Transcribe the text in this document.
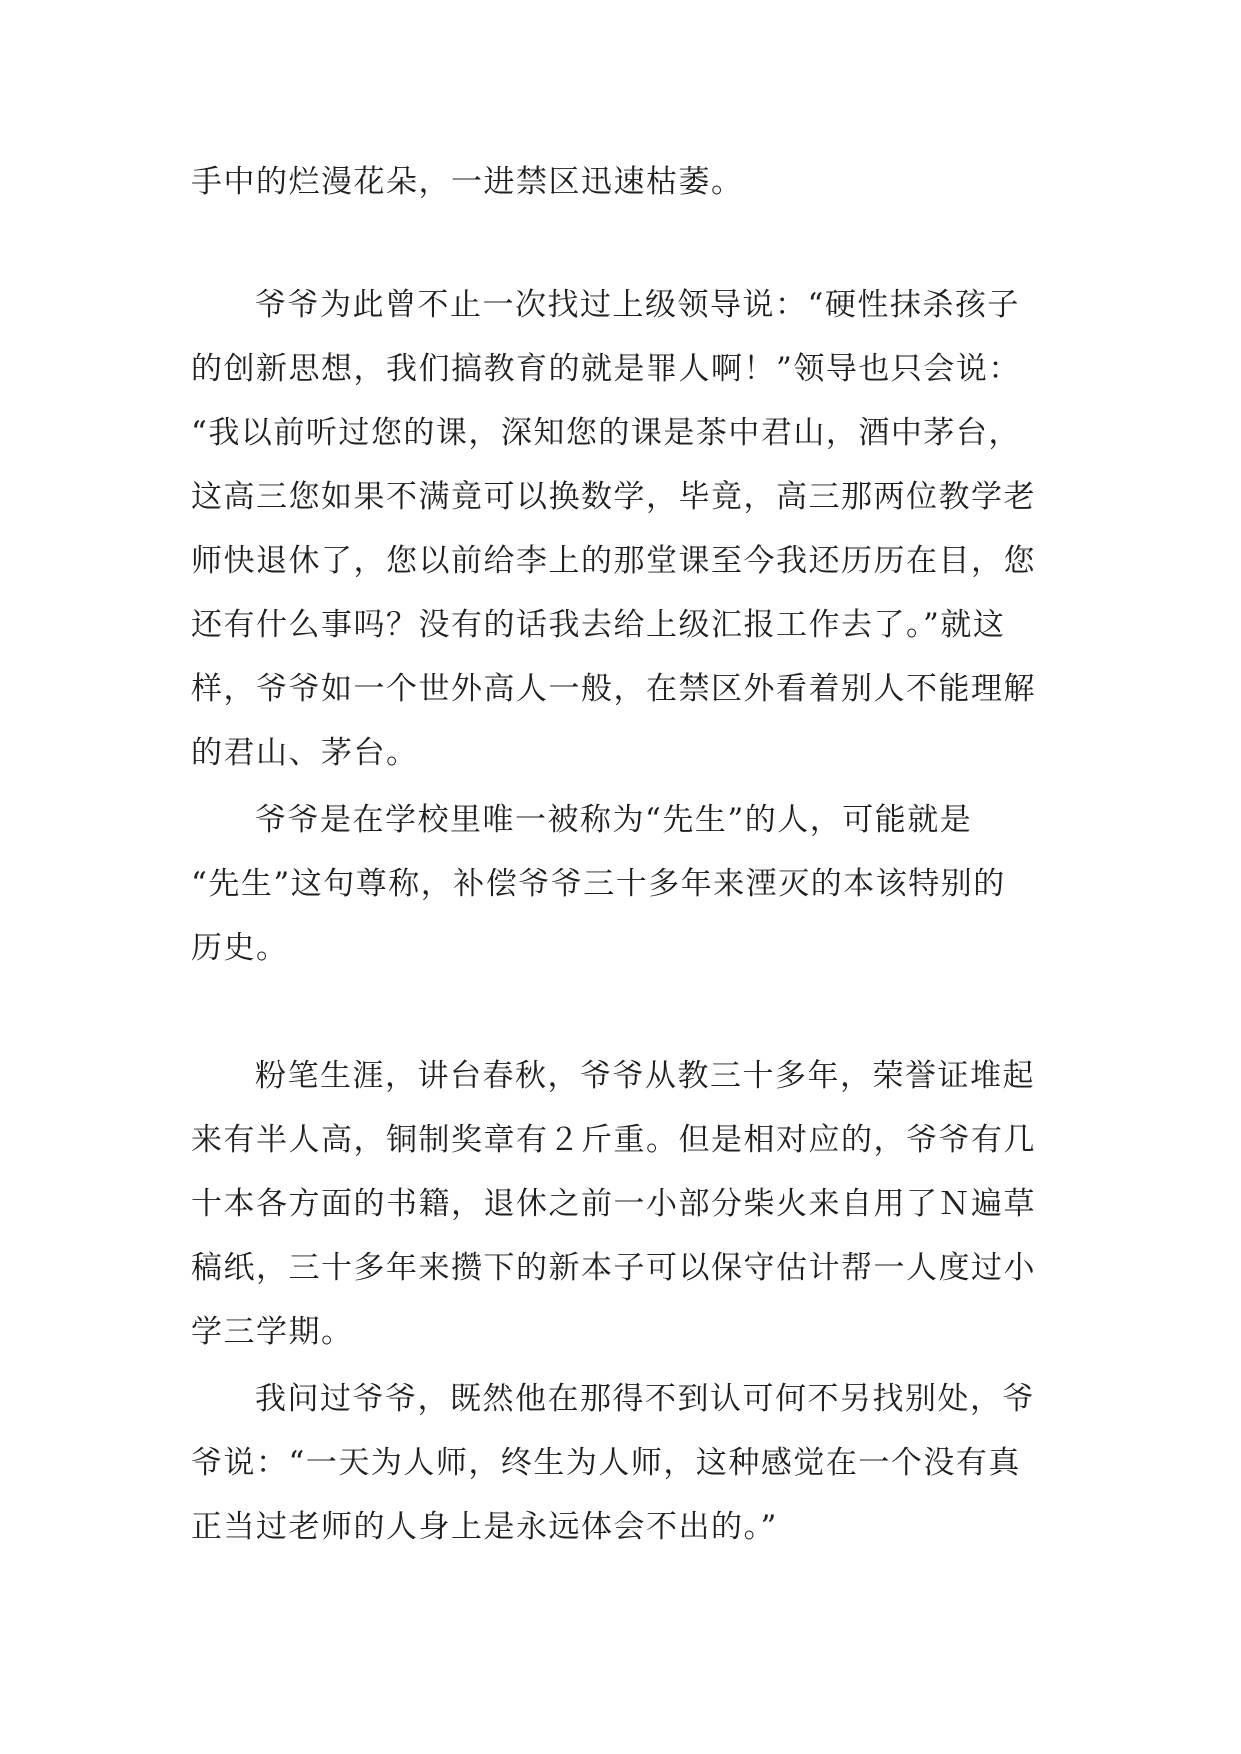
手中的烂漫花朵，一进禁区迅速枯萎。
爷爷为此曾不止一次找过上级领导说：“硬性抹杀孩子
的创新思想，我们搞教育的就是罪人啊！”领导也只会说：
“我以前听过您的课，深知您的课是茶中君山，酒中茅台，
这高三您如果不满竟可以换数学，毕竟，高三那两位教学老
师快退休了，您以前给李上的那堂课至今我还历历在目，您
还有什么事吗？没有的话我去给上级汇报工作去了。”就这
样，爷爷如一个世外高人一般，在禁区外看着别人不能理解
的君山、茅台。
爷爷是在学校里唯一被称为“先生”的人，可能就是
“先生”这句尊称，补偿爷爷三十多年来湮灭的本该特别的
历史。
粉笔生涯，讲台春秋，爷爷从教三十多年，荣誉证堆起
来有半人高，铜制奖章有２斤重。但是相对应的，爷爷有几
十本各方面的书籍，退休之前一小部分柴火来自用了Ｎ遍草
稿纸，三十多年来攒下的新本子可以保守估计帮一人度过小
学三学期。
我问过爷爷，既然他在那得不到认可何不另找别处，爷
爷说：“一天为人师，终生为人师，这种感觉在一个没有真
正当过老师的人身上是永远体会不出的。”
